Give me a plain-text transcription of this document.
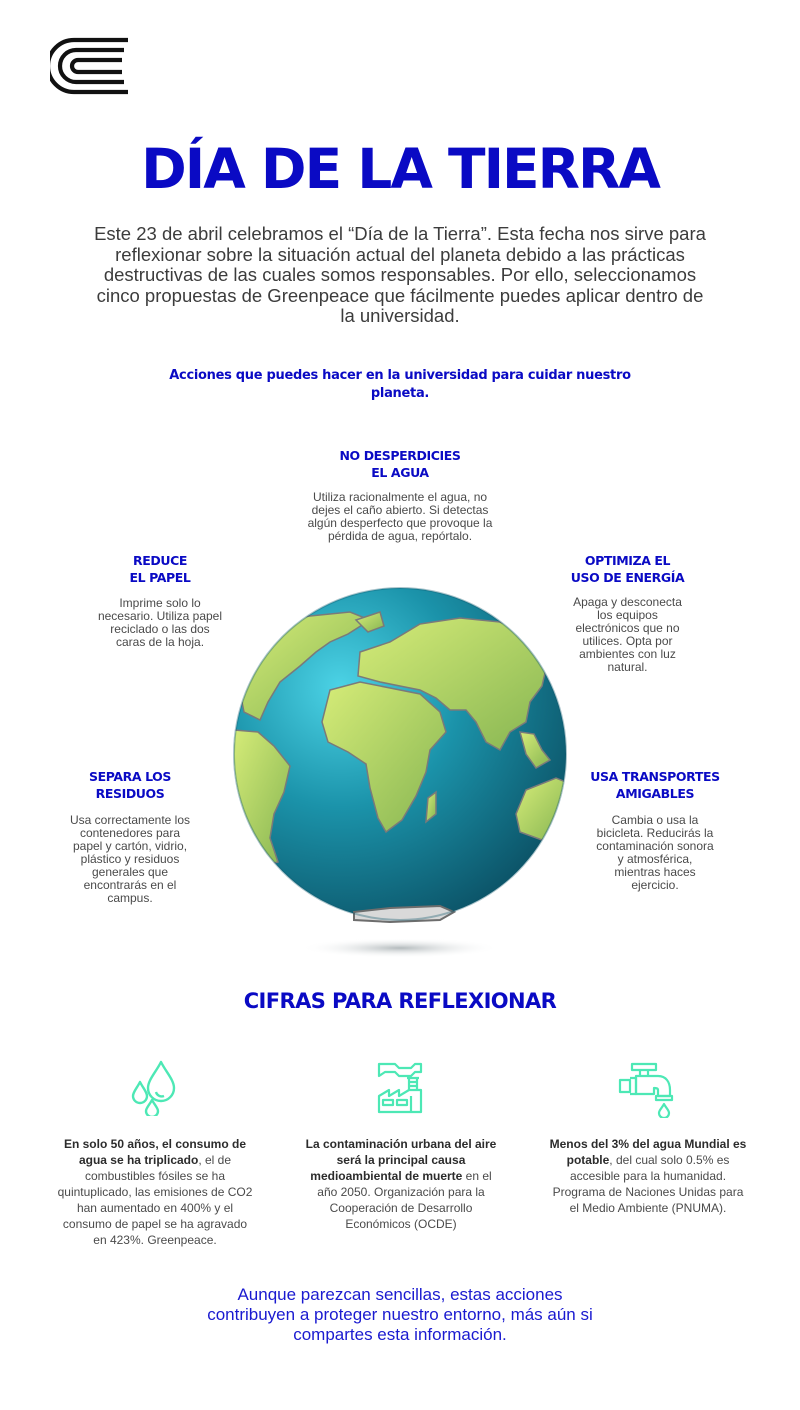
DÍA DE LA TIERRA

Este 23 de abril celebramos el “Día de la Tierra”. Esta fecha nos sirve para reflexionar sobre la situación actual del planeta debido a las prácticas destructivas de las cuales somos responsables. Por ello, seleccionamos cinco propuestas de Greenpeace que fácilmente puedes aplicar dentro de la universidad.

Acciones que puedes hacer en la universidad para cuidar nuestro planeta.
NO DESPERDICIES
EL AGUA

Utiliza racionalmente el agua, no dejes el caño abierto. Si detectas algún desperfecto que provoque la pérdida de agua, repórtalo.

REDUCE
EL PAPEL

Imprime solo lo necesario. Utiliza papel reciclado o las dos caras de la hoja.

OPTIMIZA EL
USO DE ENERGÍA

Apaga y desconecta los equipos electrónicos que no utilices. Opta por ambientes con luz natural.

SEPARA LOS
RESIDUOS

Usa correctamente los contenedores para papel y cartón, vidrio, plástico y residuos generales que encontrarás en el campus.

USA TRANSPORTES
AMIGABLES

Cambia o usa la bicicleta. Reducirás la contaminación sonora y atmosférica, mientras haces ejercicio.

CIFRAS PARA REFLEXIONAR

En solo 50 años, el consumo de agua se ha triplicado, el de combustibles fósiles se ha quintuplicado, las emisiones de CO2 han aumentado en 400% y el consumo de papel se ha agravado en 423%. Greenpeace.

La contaminación urbana del aire será la principal causa medioambiental de muerte en el año 2050. Organización para la Cooperación de Desarrollo Económicos (OCDE)

Menos del 3% del agua Mundial es potable, del cual solo 0.5% es accesible para la humanidad. Programa de Naciones Unidas para el Medio Ambiente (PNUMA).

Aunque parezcan sencillas, estas acciones contribuyen a proteger nuestro entorno, más aún si compartes esta información.
